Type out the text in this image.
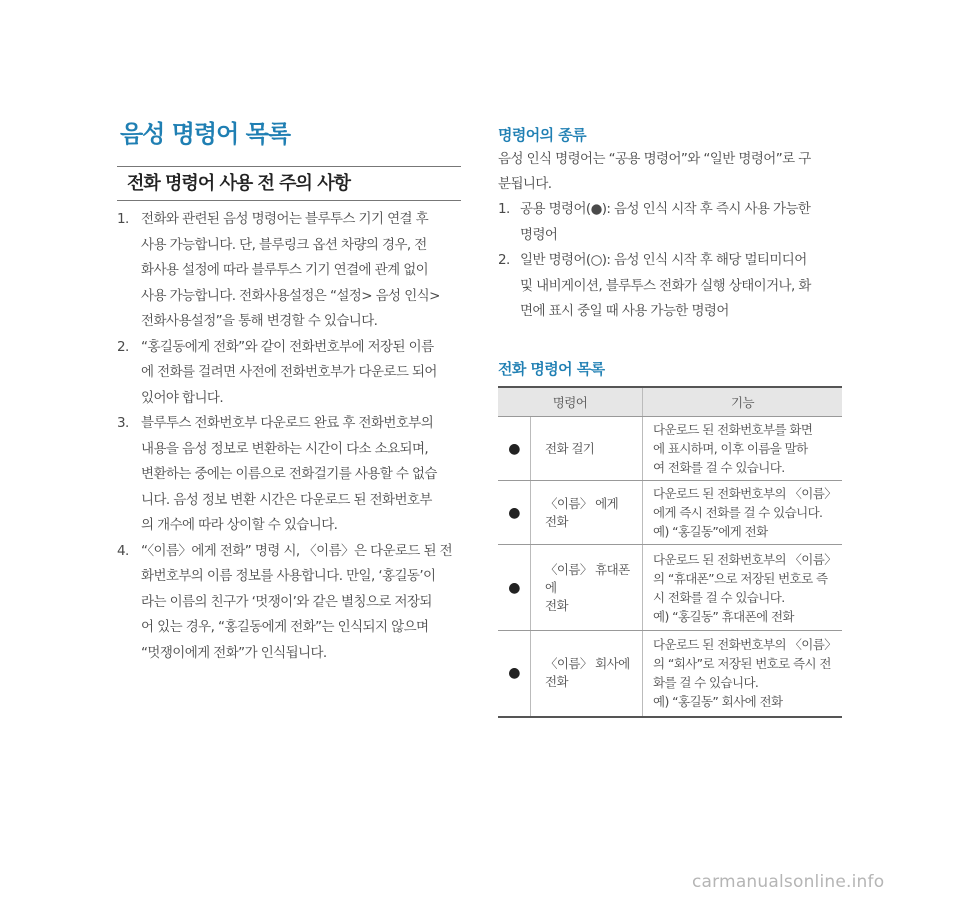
음성 명령어 목록
전화 명령어 사용 전 주의 사항
1. 전화와 관련된 음성 명령어는 블루투스 기기 연결 후
사용 가능합니다. 단, 블루링크 옵션 차량의 경우, 전
화사용 설정에 따라 블루투스 기기 연결에 관계 없이
사용 가능합니다. 전화사용설정은 “설정> 음성 인식>
전화사용설정”을 통해 변경할 수 있습니다.
2. “홍길동에게 전화”와 같이 전화번호부에 저장된 이름
에 전화를 걸려면 사전에 전화번호부가 다운로드 되어
있어야 합니다.
3. 블루투스 전화번호부 다운로드 완료 후 전화번호부의
내용을 음성 정보로 변환하는 시간이 다소 소요되며,
변환하는 중에는 이름으로 전화걸기를 사용할 수 없습
니다. 음성 정보 변환 시간은 다운로드 된 전화번호부
의 개수에 따라 상이할 수 있습니다.
4. “〈이름〉에게 전화” 명령 시, 〈이름〉은 다운로드 된 전
화번호부의 이름 정보를 사용합니다. 만일, ‘홍길동’이
라는 이름의 친구가 ‘멋쟁이’와 같은 별칭으로 저장되
어 있는 경우, “홍길동에게 전화”는 인식되지 않으며
“멋쟁이에게 전화”가 인식됩니다.
명령어의 종류

음성 인식 명령어는 “공용 명령어”와 “일반 명령어”로 구
분됩니다.

1. 공용 명령어(●): 음성 인식 시작 후 즉시 사용 가능한
명령어
2. 일반 명령어(○): 음성 인식 시작 후 해당 멀티미디어
및 내비게이션, 블루투스 전화가 실행 상태이거나, 화
면에 표시 중일 때 사용 가능한 명령어
전화 명령어 목록
명령어		기능
●	전화 걸기	다운로드 된 전화번호부를 화면
에 표시하며, 이후 이름을 말하
여 전화를 걸 수 있습니다.
●	〈이름〉 에게
전화	다운로드 된 전화번호부의 〈이름〉
에게 즉시 전화를 걸 수 있습니다.
예) “홍길동”에게 전화
●	〈이름〉 휴대폰에
전화	다운로드 된 전화번호부의 〈이름〉
의 “휴대폰”으로 저장된 번호로 즉
시 전화를 걸 수 있습니다.
예) “홍길동” 휴대폰에 전화
●	〈이름〉 회사에
전화	다운로드 된 전화번호부의 〈이름〉
의 “회사”로 저장된 번호로 즉시 전
화를 걸 수 있습니다.
예) “홍길동” 회사에 전화
carmanualsonline.info
